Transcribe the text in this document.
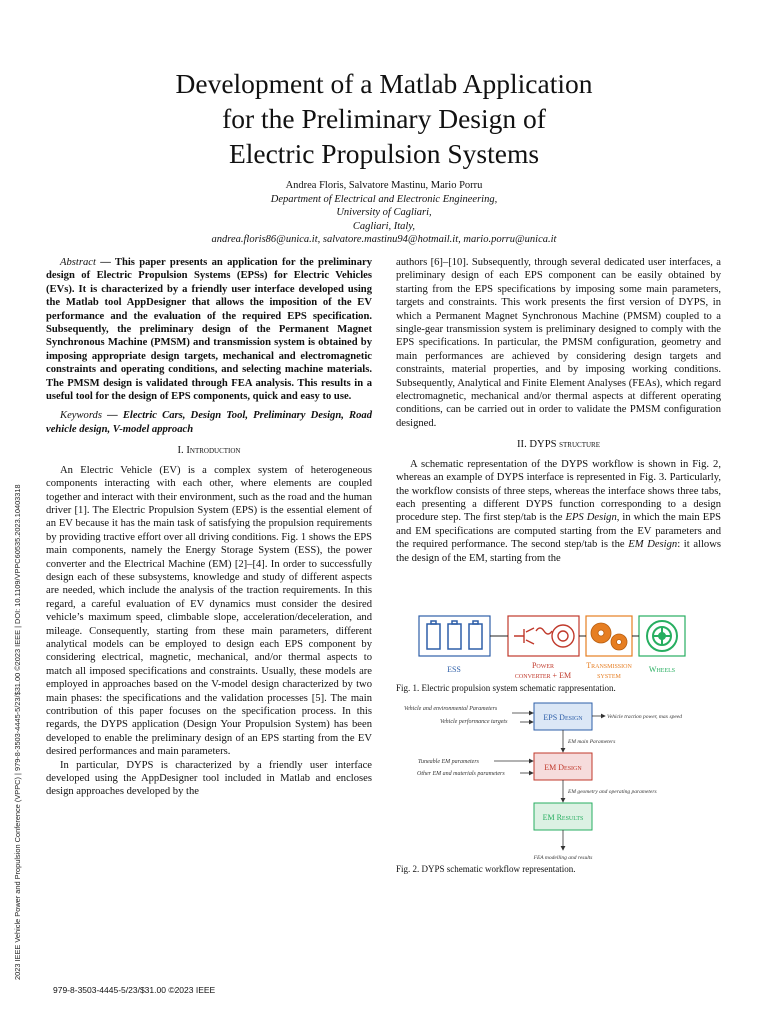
Development of a Matlab Application
for the Preliminary Design of
Electric Propulsion Systems
Andrea Floris, Salvatore Mastinu, Mario Porru
Department of Electrical and Electronic Engineering,
University of Cagliari,
Cagliari, Italy,
andrea.floris86@unica.it, salvatore.mastinu94@hotmail.it, mario.porru@unica.it
2023 IEEE Vehicle Power and Propulsion Conference (VPPC) | 979-8-3503-4445-5/23/$31.00 ©2023 IEEE | DOI: 10.1109/VPPC60535.2023.10403318

Abstract — This paper presents an application for the preliminary design of Electric Propulsion Systems (EPSs) for Electric Vehicles (EVs). It is characterized by a friendly user interface developed using the Matlab tool AppDesigner that allows the imposition of the EV performance and the evaluation of the required EPS specification. Subsequently, the preliminary design of the Permanent Magnet Synchronous Machine (PMSM) and transmission system is obtained by imposing appropriate design targets, mechanical and electromagnetic constraints and operating conditions, and selecting machine materials. The PMSM design is validated through FEA analysis. This results in a useful tool for the design of EPS components, quick and easy to use.

Keywords — Electric Cars, Design Tool, Preliminary Design, Road vehicle design, V-model approach

I. Introduction

An Electric Vehicle (EV) is a complex system of heterogeneous components interacting with each other, where elements are coupled together and interact with their environment, such as the road and the human driver [1]. The Electric Propulsion System (EPS) is the essential element of an EV because it has the main task of satisfying the propulsion requirements by providing tractive effort over all driving conditions. Fig. 1 shows the EPS main components, namely the Energy Storage System (ESS), the power converter and the Electrical Machine (EM) [2]–[4]. In order to successfully design each of these subsystems, knowledge and study of different aspects are needed, which include the analysis of the traction requirements. In this regard, a careful evaluation of EV dynamics must consider the desired vehicle’s maximum speed, climbable slope, acceleration/deceleration, and mileage. Consequently, starting from these main parameters, different analytical models can be employed to design each EPS component by considering electrical, magnetic, mechanical, and/or thermal aspects to match all imposed specifications and constraints. Usually, these models are employed in approaches based on the V-model design characterized by two main phases: the specifications and the validation processes [5]. The main contribution of this paper focuses on the specification process. In this regards, the DYPS application (Design Your Propulsion System) has been developed to enable the preliminary design of an EPS starting from the EV desired performances and main parameters.

In particular, DYPS is characterized by a friendly user interface developed using the AppDesigner tool included in Matlab and encloses design approaches developed by the

authors [6]–[10]. Subsequently, through several dedicated user interfaces, a preliminary design of each EPS component can be easily obtained by starting from the EPS specifications by imposing some main parameters, targets and constraints. This work presents the first version of DYPS, in which a Permanent Magnet Synchronous Machine (PMSM) coupled to a single-gear transmission system is preliminary designed to comply with the EPS specifications. In particular, the PMSM configuration, geometry and main performances are achieved by considering design targets and constraints, material properties, and by imposing working conditions. Subsequently, Analytical and Finite Element Analyses (FEAs), which regard electromagnetic, mechanical and/or thermal aspects at different operating conditions, can be carried out in order to validate the PMSM configuration designed.

II. DYPS structure

A schematic representation of the DYPS workflow is shown in Fig. 2, whereas an example of DYPS interface is represented in Fig. 3. Particularly, the workflow consists of three steps, whereas the interface shows three tabs, each presenting a different DYPS function corresponding to a design procedure step. The first step/tab is the EPS Design, in which the main EPS and EM specifications are computed starting from the EV parameters and the required performance. The second step/tab is the EM Design: it allows the design of the EM, starting from the

ESS	Power
converter + EM
Transmission
system
Wheels
Fig. 1. Electric propulsion system schematic rappresentation.
Vehicle and environmental Parameters
Vehicle performance targets	EPS Design	Vehicle traction power, max speed
EM main Parameters
Tuneable EM parameters
Other EM and materials parameters
EM Design
EM geometry and operating parameters
EM Results
FEA modelling and results
Fig. 2. DYPS schematic workflow representation.
979-8-3503-4445-5/23/$31.00 ©2023 IEEE
